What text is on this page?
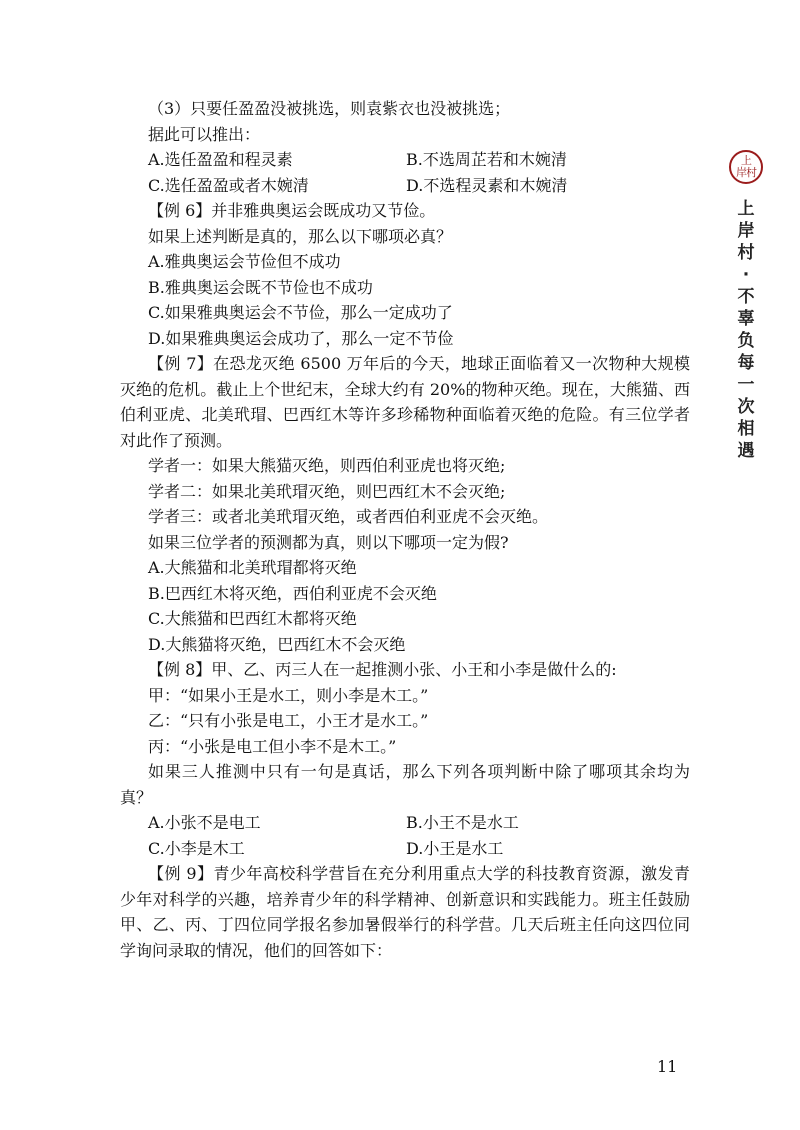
（3）只要任盈盈没被挑选，则袁紫衣也没被挑选；
据此可以推出：
A.选任盈盈和程灵素	B.不选周芷若和木婉清
C.选任盈盈或者木婉清	D.不选程灵素和木婉清
【例 6】并非雅典奥运会既成功又节俭。
如果上述判断是真的，那么以下哪项必真？
A.雅典奥运会节俭但不成功
B.雅典奥运会既不节俭也不成功
C.如果雅典奥运会不节俭，那么一定成功了
D.如果雅典奥运会成功了，那么一定不节俭
【例 7】在恐龙灭绝 6500 万年后的今天，地球正面临着又一次物种大规模灭绝的危机。截止上个世纪末，全球大约有 20%的物种灭绝。现在，大熊猫、西伯利亚虎、北美玳瑁、巴西红木等许多珍稀物种面临着灭绝的危险。有三位学者对此作了预测。
学者一：如果大熊猫灭绝，则西伯利亚虎也将灭绝;
学者二：如果北美玳瑁灭绝，则巴西红木不会灭绝;
学者三：或者北美玳瑁灭绝，或者西伯利亚虎不会灭绝。
如果三位学者的预测都为真，则以下哪项一定为假?
A.大熊猫和北美玳瑁都将灭绝
B.巴西红木将灭绝，西伯利亚虎不会灭绝
C.大熊猫和巴西红木都将灭绝
D.大熊猫将灭绝，巴西红木不会灭绝
【例 8】甲、乙、丙三人在一起推测小张、小王和小李是做什么的:
甲：“如果小王是水工，则小李是木工。”
乙：“只有小张是电工，小王才是水工。”
丙：“小张是电工但小李不是木工。”
如果三人推测中只有一句是真话，那么下列各项判断中除了哪项其余均为真？
A.小张不是电工	B.小王不是水工
C.小李是木工	D.小王是水工
【例 9】青少年高校科学营旨在充分利用重点大学的科技教育资源，激发青少年对科学的兴趣，培养青少年的科学精神、创新意识和实践能力。班主任鼓励甲、乙、丙、丁四位同学报名参加暑假举行的科学营。几天后班主任向这四位同学询问录取的情况，他们的回答如下：
上
岸村
上
岸
村
·
不
辜
负
每
一
次
相
遇
11
